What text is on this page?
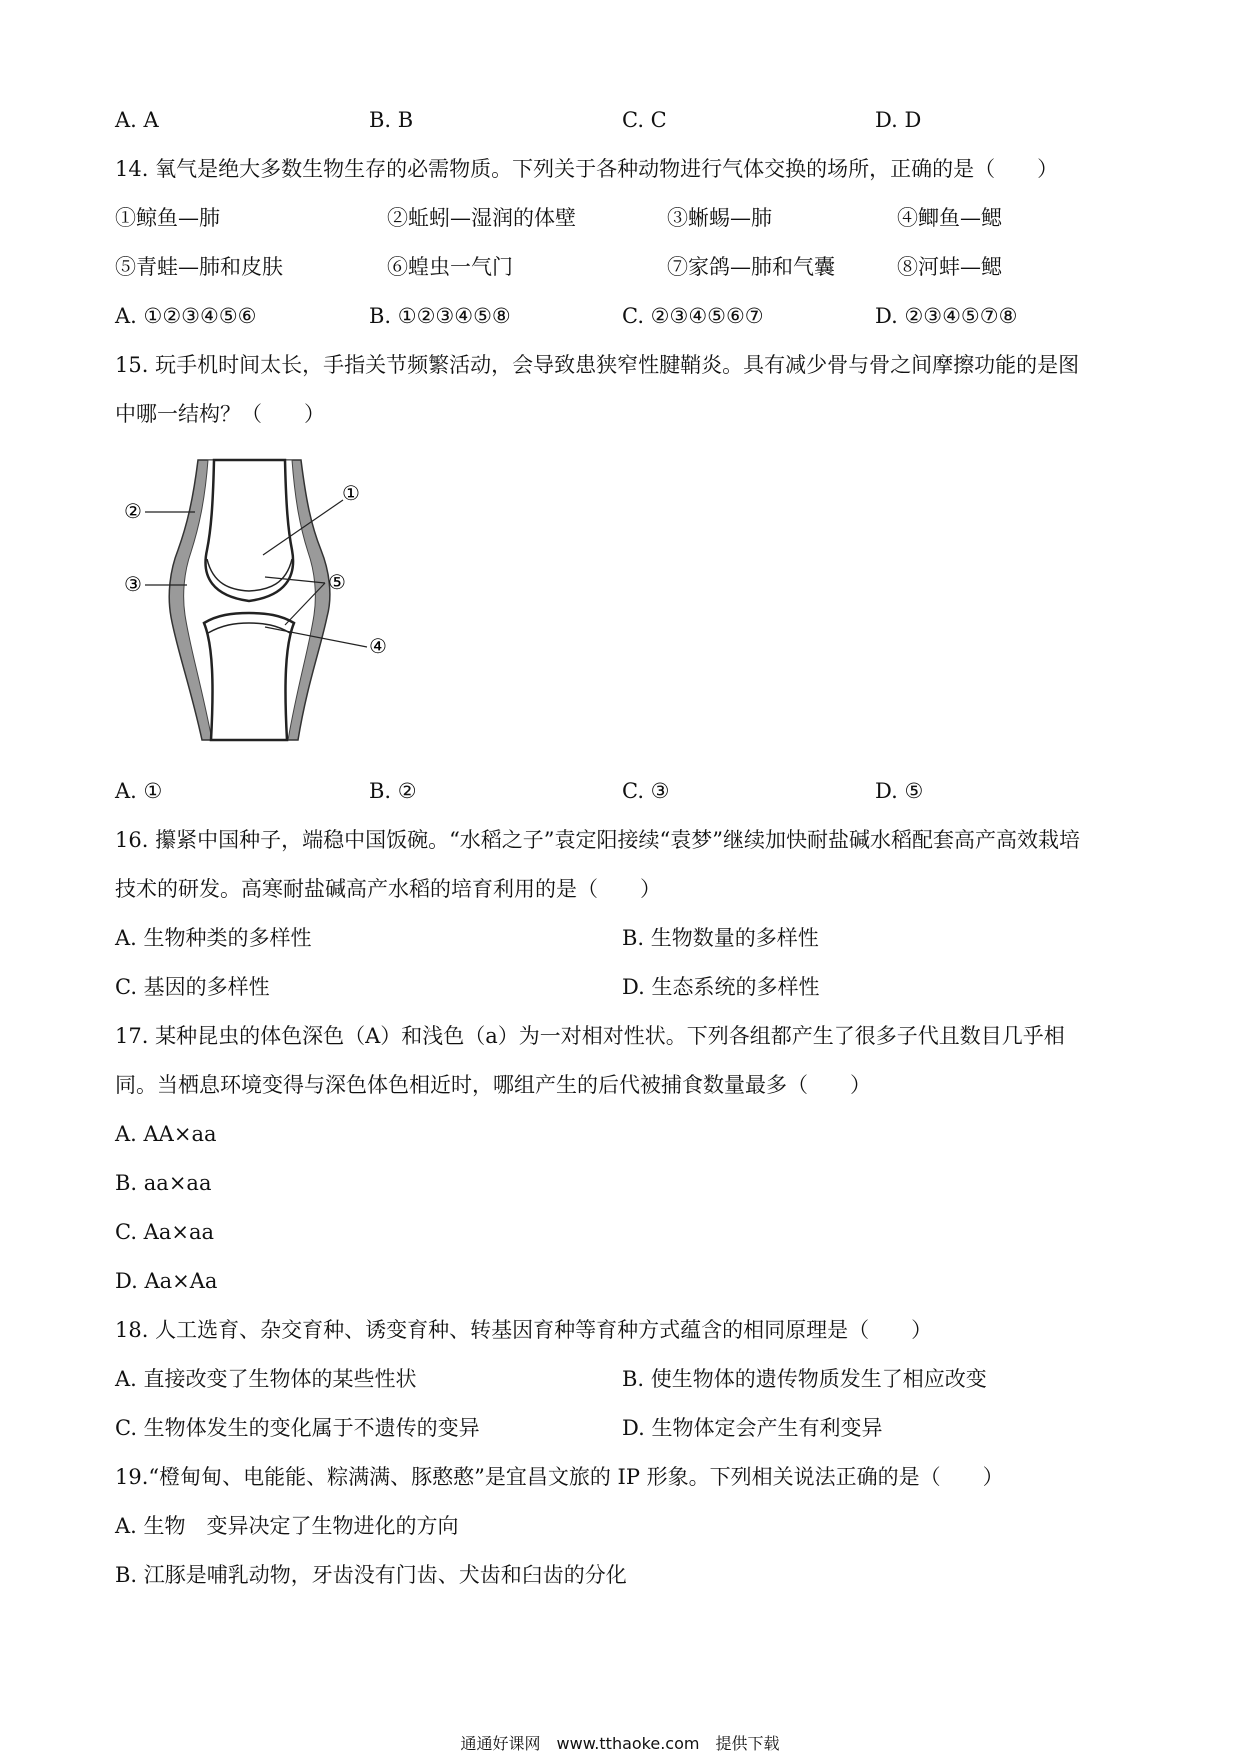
A. A	B. B	C. C	D. D
14. 氧气是绝大多数生物生存的必需物质。下列关于各种动物进行气体交换的场所，正确的是（　　）
①鲸鱼—肺	②蚯蚓—湿润的体壁	③蜥蜴—肺	④鲫鱼—鳃
⑤青蛙—肺和皮肤	⑥蝗虫一气门	⑦家鸽—肺和气囊	⑧河蚌—鳃
A. ①②③④⑤⑥	B. ①②③④⑤⑧	C. ②③④⑤⑥⑦	D. ②③④⑤⑦⑧
15. 玩手机时间太长，手指关节频繁活动，会导致患狭窄性腱鞘炎。具有减少骨与骨之间摩擦功能的是图
中哪一结构？（　　）
②
③
①
⑤
④
A. ①	B. ②	C. ③	D. ⑤
16. 攥紧中国种子，端稳中国饭碗。“水稻之子”袁定阳接续“袁梦”继续加快耐盐碱水稻配套高产高效栽培
技术的研发。高寒耐盐碱高产水稻的培育利用的是（　　）
A. 生物种类的多样性	B. 生物数量的多样性
C. 基因的多样性	D. 生态系统的多样性
17. 某种昆虫的体色深色（A）和浅色（a）为一对相对性状。下列各组都产生了很多子代且数目几乎相
同。当栖息环境变得与深色体色相近时，哪组产生的后代被捕食数量最多（　　）
A. AA×aa
B. aa×aa
C. Aa×aa
D. Aa×Aa
18. 人工选育、杂交育种、诱变育种、转基因育种等育种方式蕴含的相同原理是（　　）
A. 直接改变了生物体的某些性状	B. 使生物体的遗传物质发生了相应改变
C. 生物体发生的变化属于不遗传的变异	D. 生物体定会产生有利变异
19.“橙甸甸、电能能、粽满满、豚憨憨”是宜昌文旅的 IP 形象。下列相关说法正确的是（　　）
A. 生物　变异决定了生物进化的方向
B. 江豚是哺乳动物，牙齿没有门齿、犬齿和臼齿的分化
通通好课网　www.tthaoke.com　提供下载
